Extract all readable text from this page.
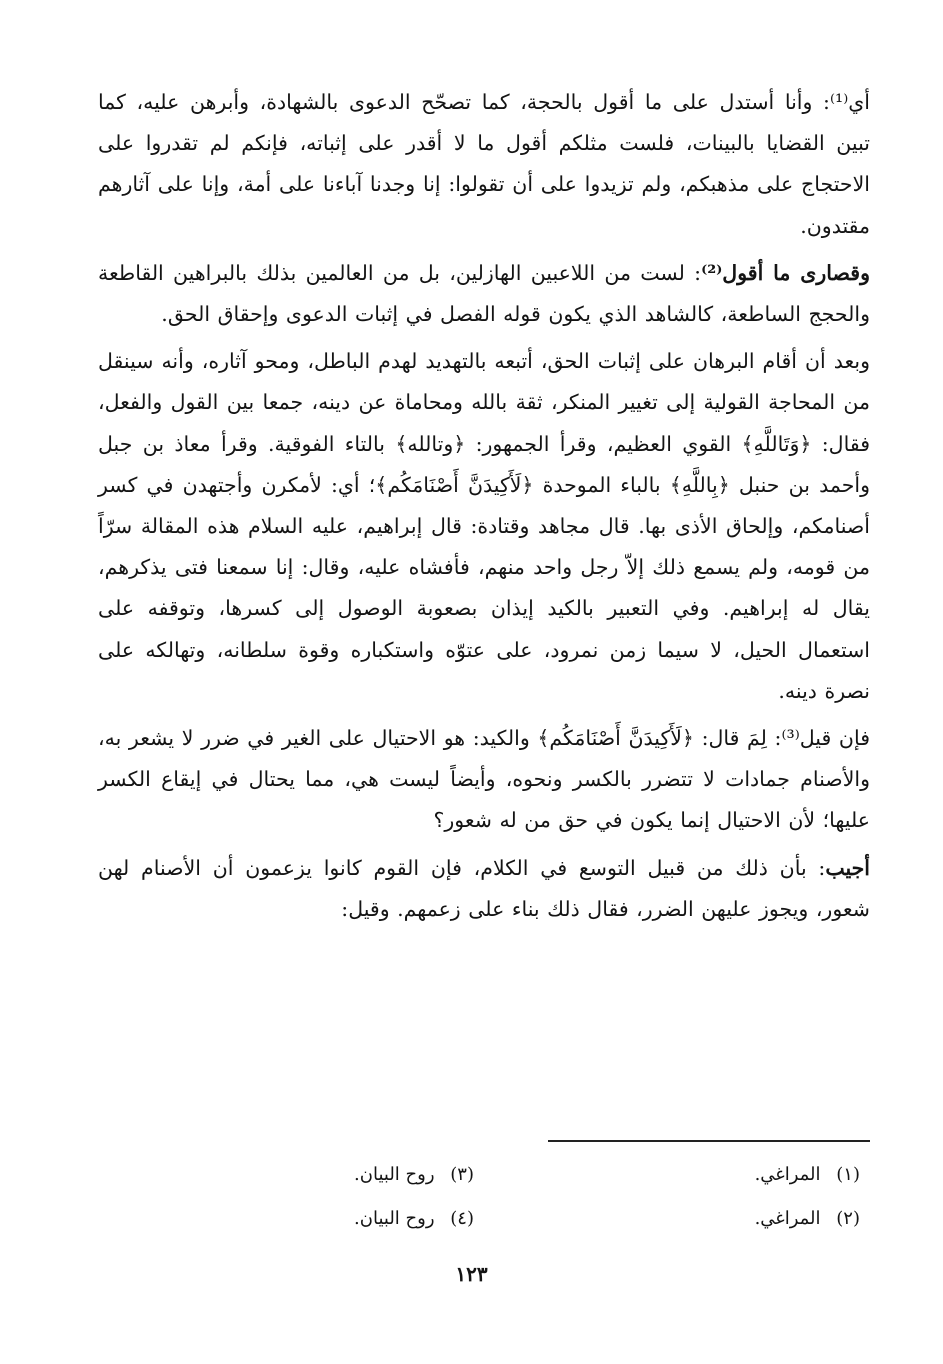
أي⁽¹⁾: وأنا أستدل على ما أقول بالحجة، كما تصحّح الدعوى بالشهادة، وأبرهن عليه، كما تبين القضايا بالبينات، فلست مثلكم أقول ما لا أقدر على إثباته، فإنكم لم تقدروا على الاحتجاج على مذهبكم، ولم تزيدوا على أن تقولوا: إنا وجدنا آباءنا على أمة، وإنا على آثارهم مقتدون.

وقصارى ما أقول⁽²⁾: لست من اللاعبين الهازلين، بل من العالمين بذلك بالبراهين القاطعة والحجج الساطعة، كالشاهد الذي يكون قوله الفصل في إثبات الدعوى وإحقاق الحق.

وبعد أن أقام البرهان على إثبات الحق، أتبعه بالتهديد لهدم الباطل، ومحو آثاره، وأنه سينقل من المحاجة القولية إلى تغيير المنكر، ثقة بالله ومحاماة عن دينه، جمعا بين القول والفعل، فقال: ﴿وَتَاللَّهِ﴾ القوي العظيم، وقرأ الجمهور: ﴿وتالله﴾ بالتاء الفوقية. وقرأ معاذ بن جبل وأحمد بن حنبل ﴿بِاللَّهِ﴾ بالباء الموحدة ﴿لَأَكِيدَنَّ أَصْنَامَكُم﴾؛ أي: لأمكرن وأجتهدن في كسر أصنامكم، وإلحاق الأذى بها. قال مجاهد وقتادة: قال إبراهيم، عليه السلام هذه المقالة سرّاً من قومه، ولم يسمع ذلك إلاّ رجل واحد منهم، فأفشاه عليه، وقال: إنا سمعنا فتى يذكرهم، يقال له إبراهيم. وفي التعبير بالكيد إيذان بصعوبة الوصول إلى كسرها، وتوقفه على استعمال الحيل، لا سيما زمن نمرود، على عتوّه واستكباره وقوة سلطانه، وتهالكه على نصرة دينه.

فإن قيل⁽³⁾: لِمَ قال: ﴿لَأَكِيدَنَّ أَصْنَامَكُم﴾ والكيد: هو الاحتيال على الغير في ضرر لا يشعر به، والأصنام جمادات لا تتضرر بالكسر ونحوه، وأيضاً ليست هي، مما يحتال في إيقاع الكسر عليها؛ لأن الاحتيال إنما يكون في حق من له شعور؟

أجيب: بأن ذلك من قبيل التوسع في الكلام، فإن القوم كانوا يزعمون أن الأصنام لهن شعور، ويجوز عليهن الضرر، فقال ذلك بناء على زعمهم. وقيل:

(١) المراغي.
(٣) روح البيان.
(٢) المراغي.
(٤) روح البيان.
١٢٣
